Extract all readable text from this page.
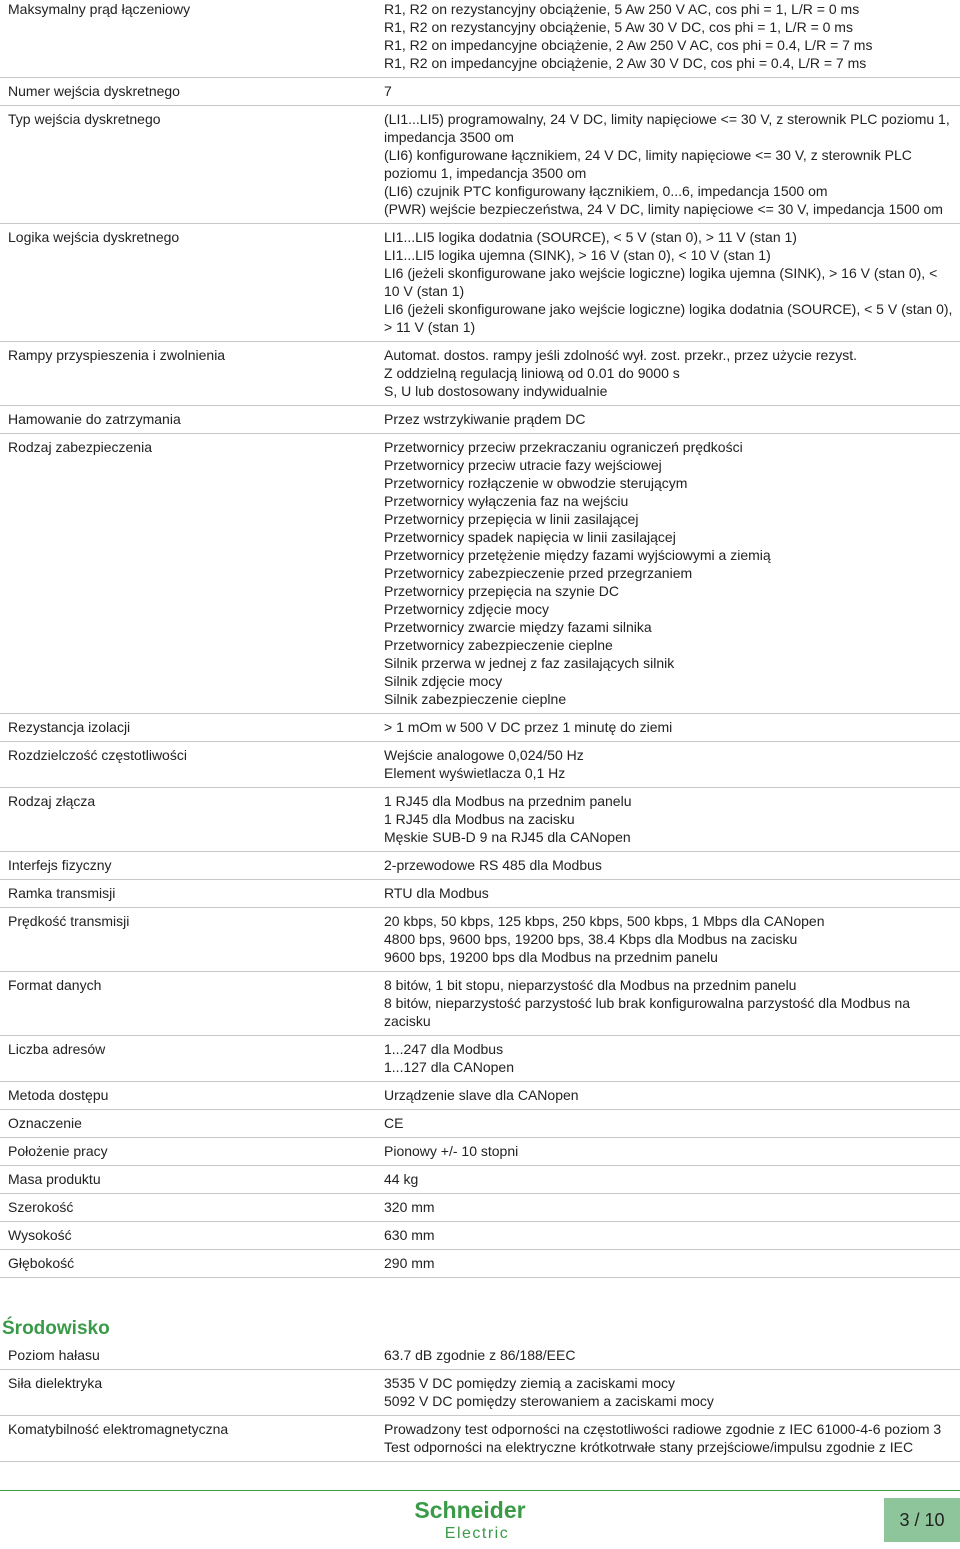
Maksymalny prąd łączeniowy	R1, R2 on rezystancyjny obciążenie, 5 Aw 250 V AC, cos phi = 1, L/R = 0 ms
R1, R2 on rezystancyjny obciążenie, 5 Aw 30 V DC, cos phi = 1, L/R = 0 ms
R1, R2 on impedancyjne obciążenie, 2 Aw 250 V AC, cos phi = 0.4, L/R = 7 ms
R1, R2 on impedancyjne obciążenie, 2 Aw 30 V DC, cos phi = 0.4, L/R = 7 ms
Numer wejścia dyskretnego	7
Typ wejścia dyskretnego	(LI1...LI5) programowalny, 24 V DC, limity napięciowe <= 30 V, z sterownik PLC poziomu 1, impedancja 3500 om
(LI6) konfigurowane łącznikiem, 24 V DC, limity napięciowe <= 30 V, z sterownik PLC poziomu 1, impedancja 3500 om
(LI6) czujnik PTC konfigurowany łącznikiem, 0...6, impedancja 1500 om
(PWR) wejście bezpieczeństwa, 24 V DC, limity napięciowe <= 30 V, impedancja 1500 om
Logika wejścia dyskretnego	LI1...LI5 logika dodatnia (SOURCE), < 5 V (stan 0), > 11 V (stan 1)
LI1...LI5 logika ujemna (SINK), > 16 V (stan 0), < 10 V (stan 1)
LI6 (jeżeli skonfigurowane jako wejście logiczne) logika ujemna (SINK), > 16 V (stan 0), < 10 V (stan 1)
LI6 (jeżeli skonfigurowane jako wejście logiczne) logika dodatnia (SOURCE), < 5 V (stan 0), > 11 V (stan 1)
Rampy przyspieszenia i zwolnienia	Automat. dostos. rampy jeśli zdolność wył. zost. przekr., przez użycie rezyst.
Z oddzielną regulacją liniową od 0.01 do 9000 s
S, U lub dostosowany indywidualnie
Hamowanie do zatrzymania	Przez wstrzykiwanie prądem DC
Rodzaj zabezpieczenia	Przetwornicy przeciw przekraczaniu ograniczeń prędkości
Przetwornicy przeciw utracie fazy wejściowej
Przetwornicy rozłączenie w obwodzie sterującym
Przetwornicy wyłączenia faz na wejściu
Przetwornicy przepięcia w linii zasilającej
Przetwornicy spadek napięcia w linii zasilającej
Przetwornicy przetężenie między fazami wyjściowymi a ziemią
Przetwornicy zabezpieczenie przed przegrzaniem
Przetwornicy przepięcia na szynie DC
Przetwornicy zdjęcie mocy
Przetwornicy zwarcie między fazami silnika
Przetwornicy zabezpieczenie cieplne
Silnik przerwa w jednej z faz zasilających silnik
Silnik zdjęcie mocy
Silnik zabezpieczenie cieplne
Rezystancja izolacji	> 1 mOm w 500 V DC przez 1 minutę do ziemi
Rozdzielczość częstotliwości	Wejście analogowe 0,024/50 Hz
Element wyświetlacza 0,1 Hz
Rodzaj złącza	1 RJ45 dla Modbus na przednim panelu
1 RJ45 dla Modbus na zacisku
Męskie SUB-D 9 na RJ45 dla CANopen
Interfejs fizyczny	2-przewodowe RS 485 dla Modbus
Ramka transmisji	RTU dla Modbus
Prędkość transmisji	20 kbps, 50 kbps, 125 kbps, 250 kbps, 500 kbps, 1 Mbps dla CANopen
4800 bps, 9600 bps, 19200 bps, 38.4 Kbps dla Modbus na zacisku
9600 bps, 19200 bps dla Modbus na przednim panelu
Format danych	8 bitów, 1 bit stopu, nieparzystość dla Modbus na przednim panelu
8 bitów, nieparzystość parzystość lub brak konfigurowalna parzystość dla Modbus na zacisku
Liczba adresów	1...247 dla Modbus
1...127 dla CANopen
Metoda dostępu	Urządzenie slave dla CANopen
Oznaczenie	CE
Położenie pracy	Pionowy +/- 10 stopni
Masa produktu	44 kg
Szerokość	320 mm
Wysokość	630 mm
Głębokość	290 mm
Środowisko
Poziom hałasu	63.7 dB zgodnie z 86/188/EEC
Siła dielektryka	3535 V DC pomiędzy ziemią a zaciskami mocy
5092 V DC pomiędzy sterowaniem a zaciskami mocy
Komatybilność elektromagnetyczna	Prowadzony test odporności na częstotliwości radiowe zgodnie z IEC 61000-4-6 poziom 3
Test odporności na elektryczne krótkotrwałe stany przejściowe/impulsu zgodnie z IEC
Schneider
Electric
3 / 10
